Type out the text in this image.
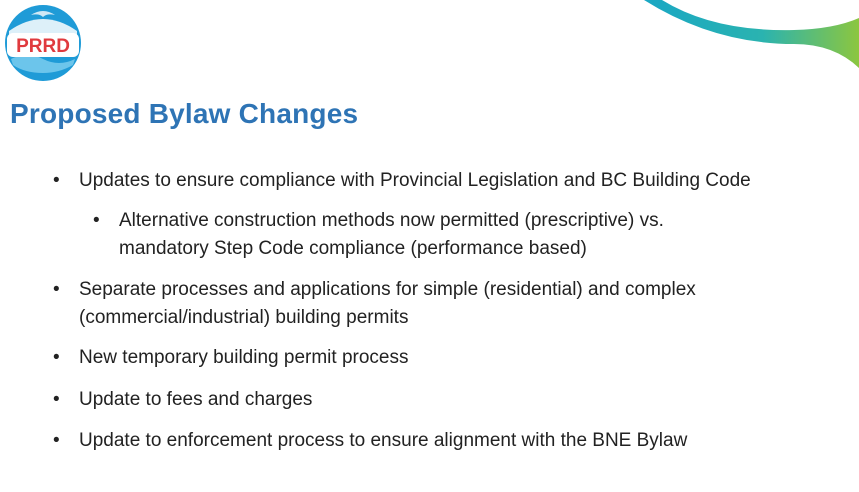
PRRD
Proposed Bylaw Changes
• Updates to ensure compliance with Provincial Legislation and BC Building Code
• Alternative construction methods now permitted (prescriptive) vs.
mandatory Step Code compliance (performance based)
• Separate processes and applications for simple (residential) and complex
(commercial/industrial) building permits
• New temporary building permit process
• Update to fees and charges
• Update to enforcement process to ensure alignment with the BNE Bylaw
